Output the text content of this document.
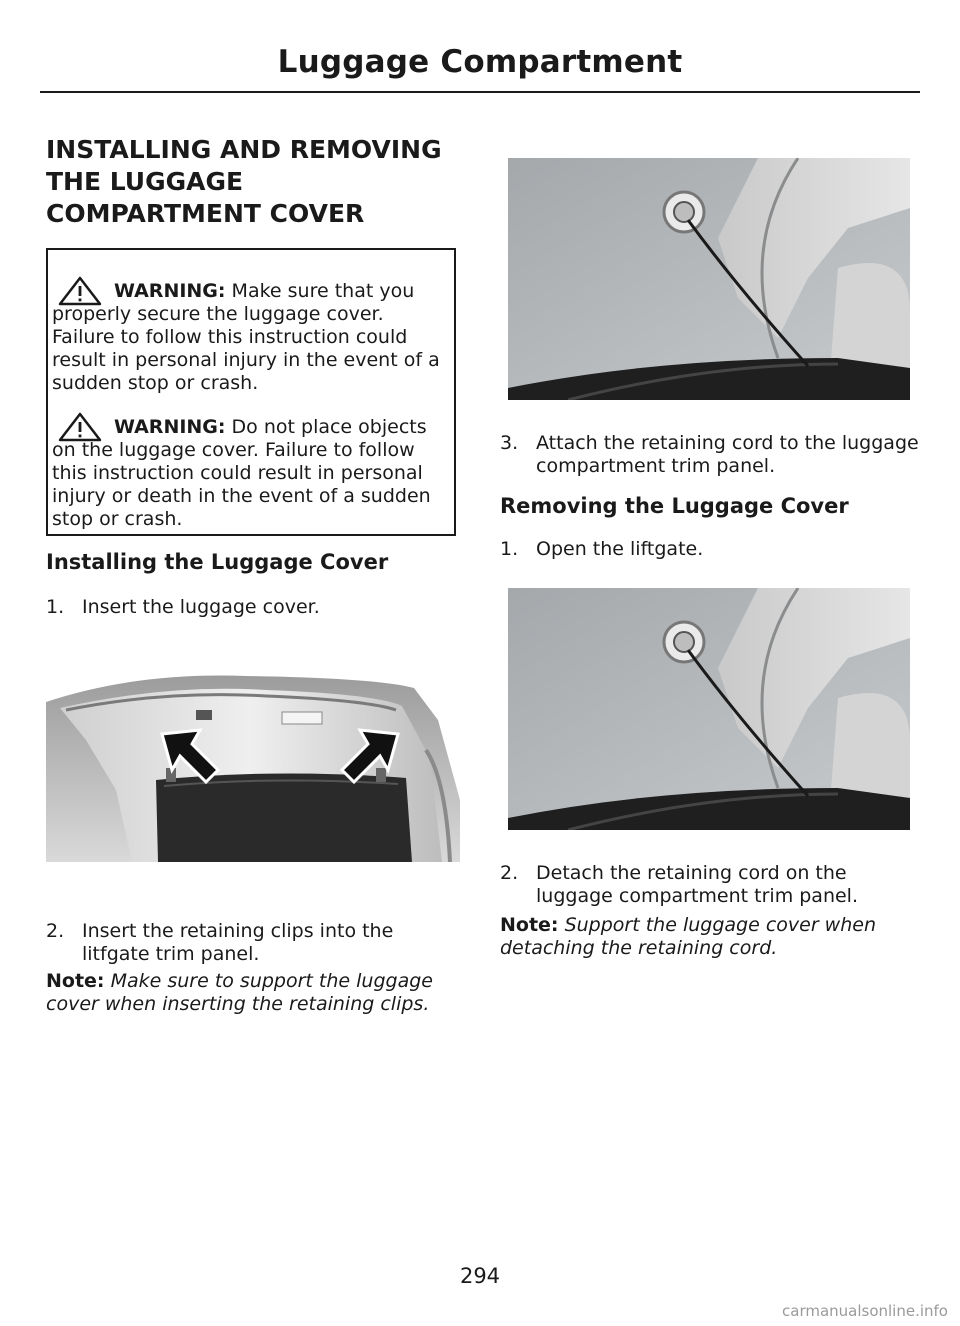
Luggage Compartment
INSTALLING AND REMOVING
THE LUGGAGE
COMPARTMENT COVER

WARNING: Make sure that you properly secure the luggage cover. Failure to follow this instruction could result in personal injury in the event of a sudden stop or crash.

WARNING: Do not place objects on the luggage cover. Failure to follow this instruction could result in personal injury or death in the event of a sudden stop or crash.

Installing the Luggage Cover
1. Insert the luggage cover.
2. Insert the retaining clips into the litfgate trim panel.
Note: Make sure to support the luggage cover when inserting the retaining clips.
3. Attach the retaining cord to the luggage compartment trim panel.
Removing the Luggage Cover
1. Open the liftgate.
2. Detach the retaining cord on the luggage compartment trim panel.
Note: Support the luggage cover when detaching the retaining cord.
294
carmanualsonline.info
